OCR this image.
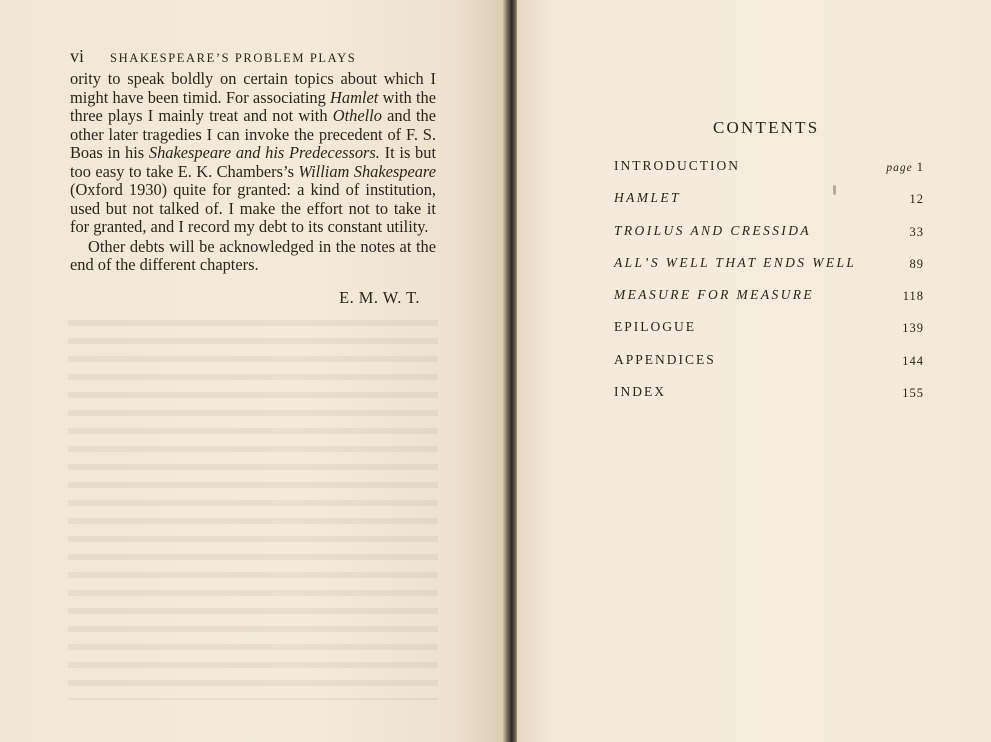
vi SHAKESPEARE’S PROBLEM PLAYS

ority to speak boldly on certain topics about which I might have been timid. For associating Hamlet with the three plays I mainly treat and not with Othello and the other later tragedies I can invoke the precedent of F. S. Boas in his Shakespeare and his Predecessors. It is but too easy to take E. K. Chambers’s William Shakespeare (Oxford 1930) quite for granted: a kind of institution, used but not talked of. I make the effort not to take it for granted, and I record my debt to its constant utility.

Other debts will be acknowledged in the notes at the end of the different chapters.

E. M. W. T.
CONTENTS
INTRODUCTION	page 1
HAMLET	12
TROILUS AND CRESSIDA	33
ALL’S WELL THAT ENDS WELL	89
MEASURE FOR MEASURE	118
EPILOGUE	139
APPENDICES	144
INDEX	155
